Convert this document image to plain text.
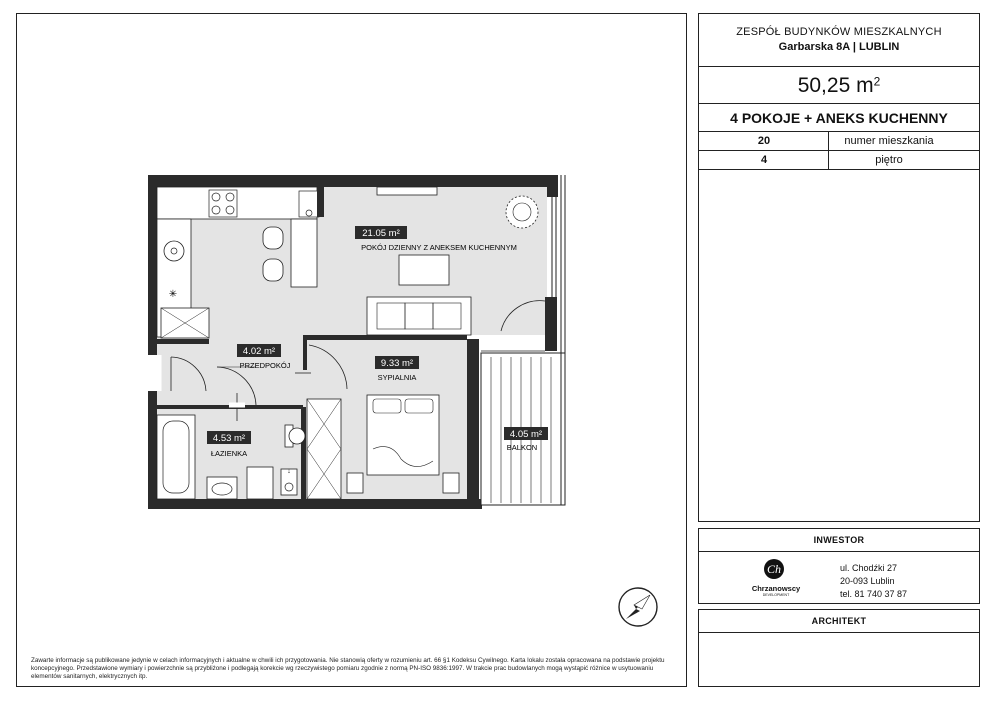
✳
↓
21.05 m²
POKÓJ DZIENNY Z ANEKSEM KUCHENNYM
4.02 m²
PRZEDPOKÓJ	9.33 m²
SYPIALNIA
4.53 m²
ŁAZIENKA
4.05 m²
BALKON
Zawarte informacje są publikowane jedynie w celach informacyjnych i aktualne w chwili ich przygotowania. Nie stanowią oferty w rozumieniu art. 66 §1 Kodeksu Cywilnego. Karta lokalu została opracowana na podstawie projektu koncepcyjnego. Przedstawione wymiary i powierzchnie są przybliżone i podlegają korekcie wg rzeczywistego pomiaru zgodnie z normą PN-ISO 9836:1997. W trakcie prac budowlanych mogą wystąpić różnice w usytuowaniu elementów sanitarnych, elektrycznych itp.
ZESPÓŁ BUDYNKÓW MIESZKALNYCH
Garbarska 8A | LUBLIN
50,25 $m^2$
4 POKOJE + ANEKS KUCHENNY
20	numer mieszkania
4	piętro
INWESTOR
Ch
Chrzanowscy
DEVELOPMENT
ul. Chodźki 27
20-093 Lublin
tel. 81 740 37 87
ARCHITEKT
